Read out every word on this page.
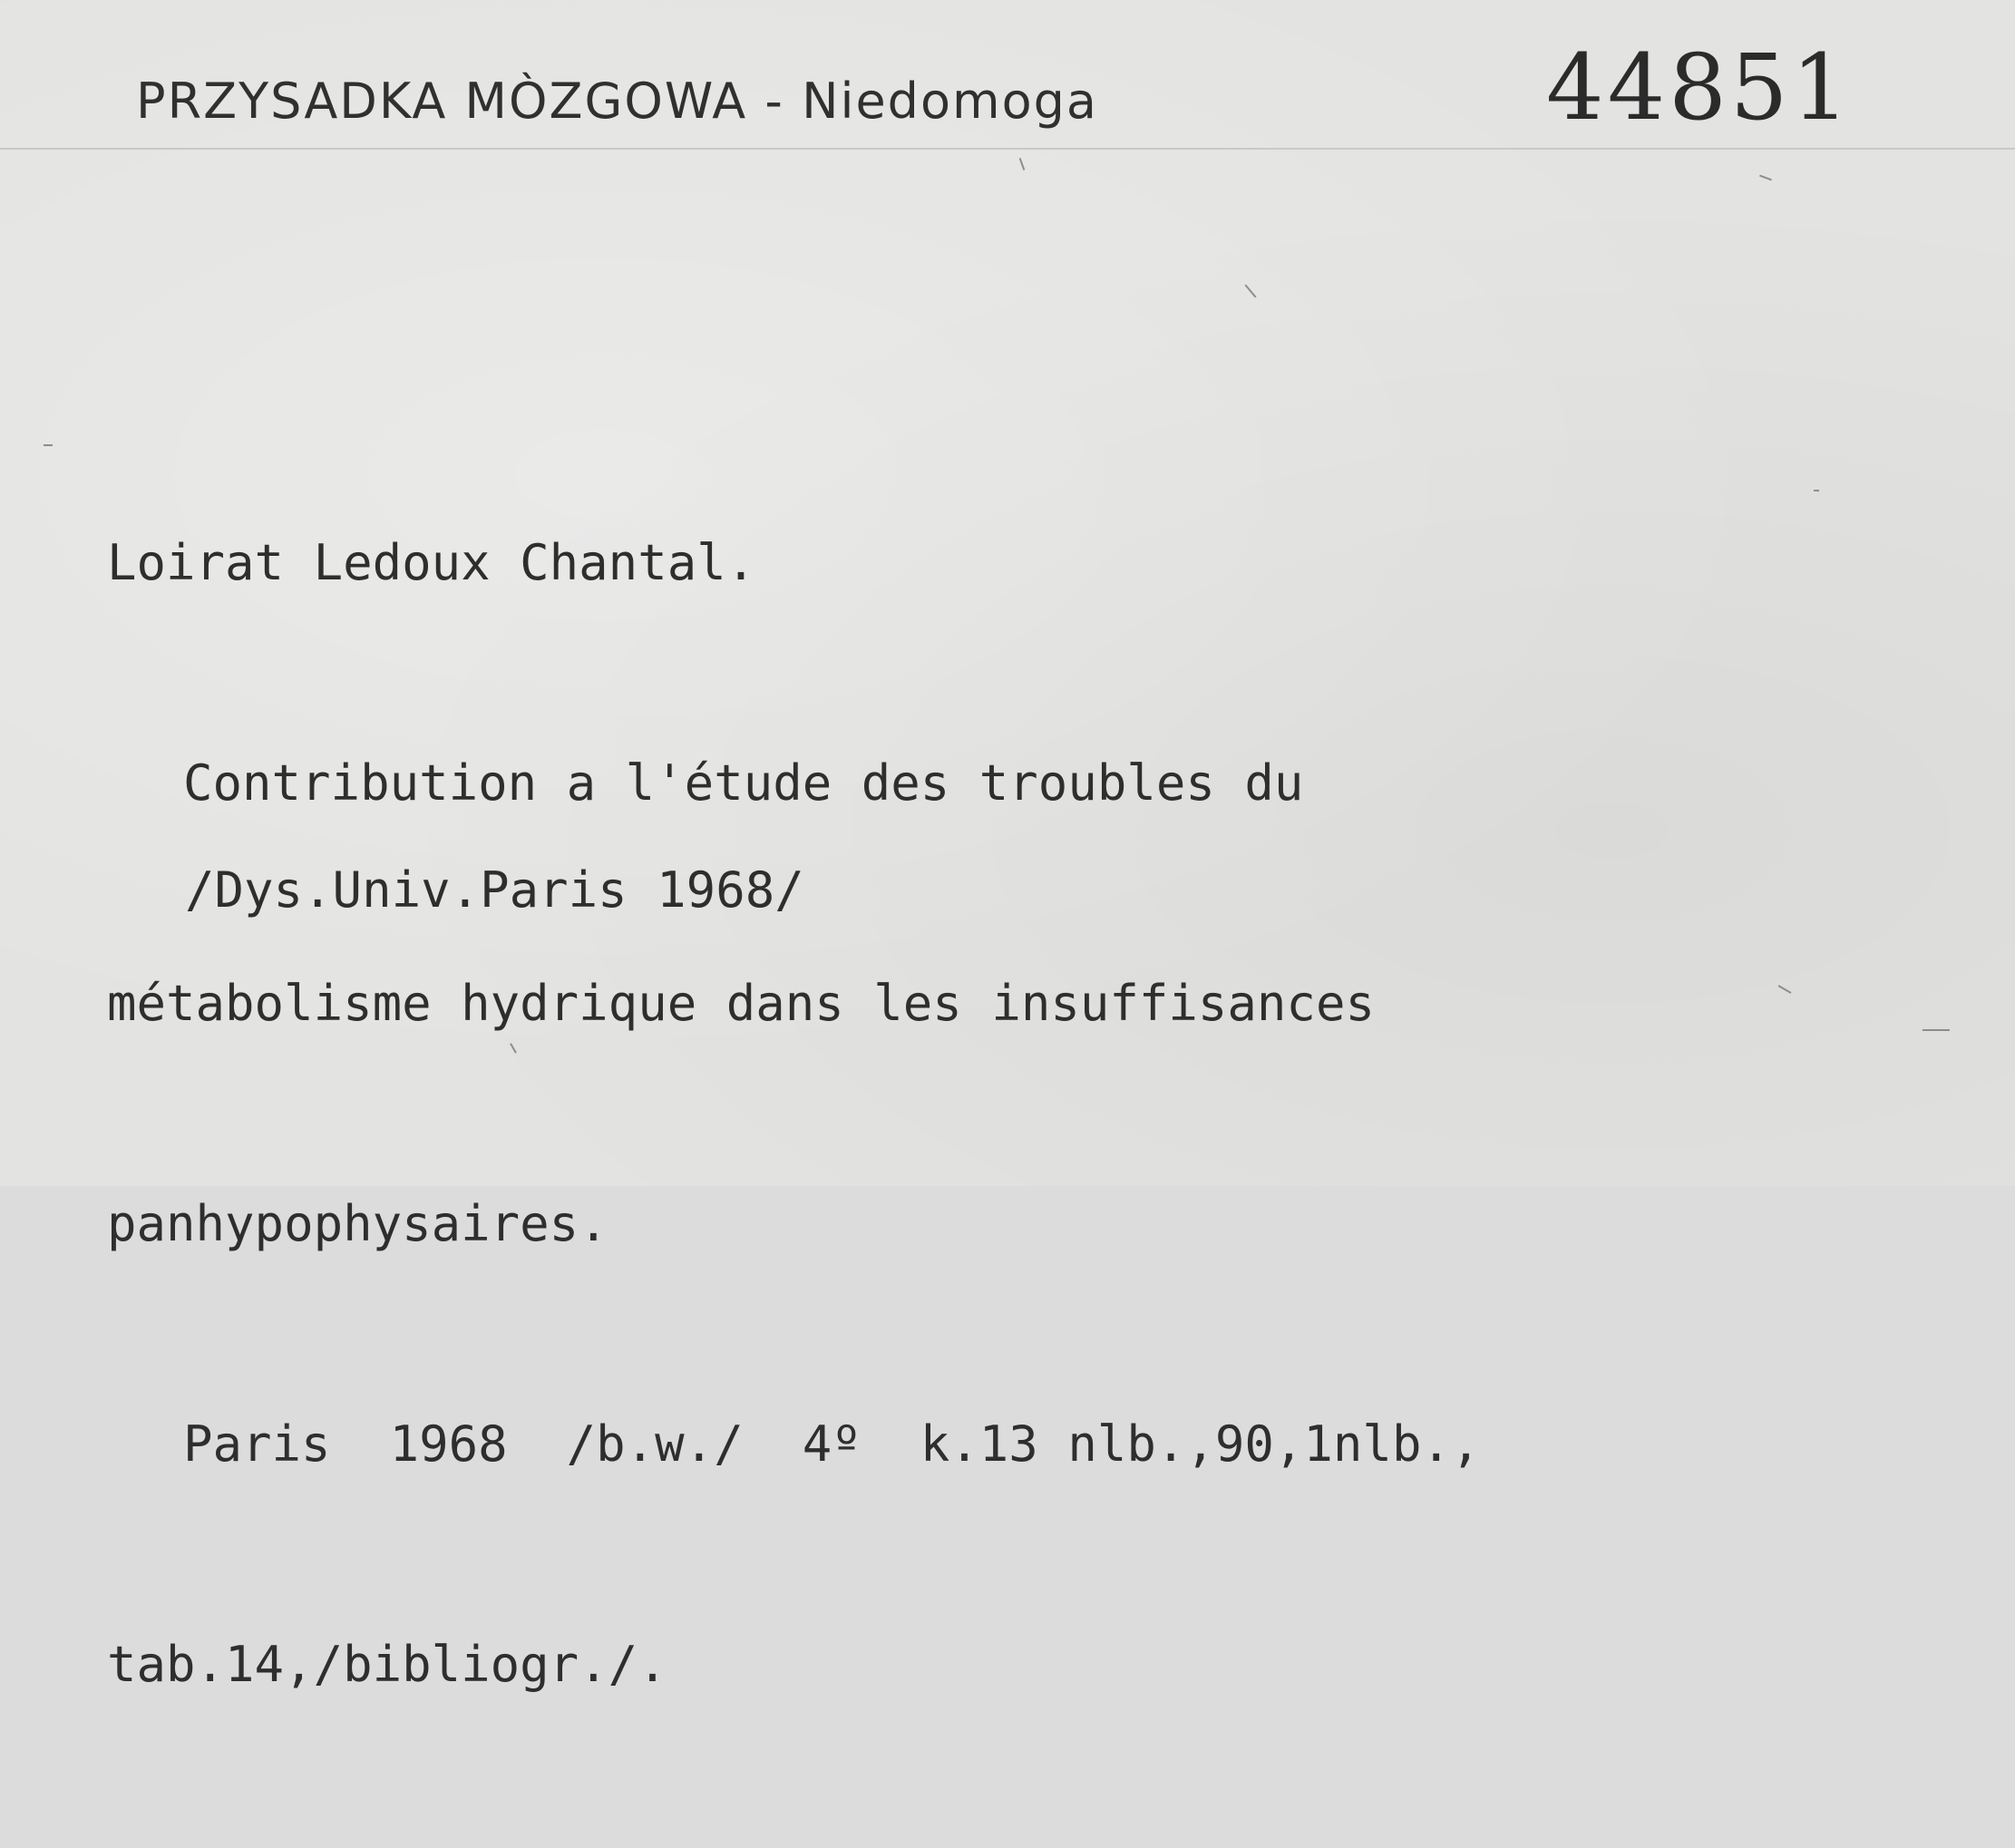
PRZYSADKA MÒZGOWA - Niedomoga	44851

Loirat Ledoux Chantal.

Contribution a l'étude des troubles du

métabolisme hydrique dans les insuffisances

panhypophysaires.

Paris  1968  /b.w./  4º  k.13 nlb.,90,1nlb.,

tab.14,/bibliogr./.

/Dys.Univ.Paris 1968/
